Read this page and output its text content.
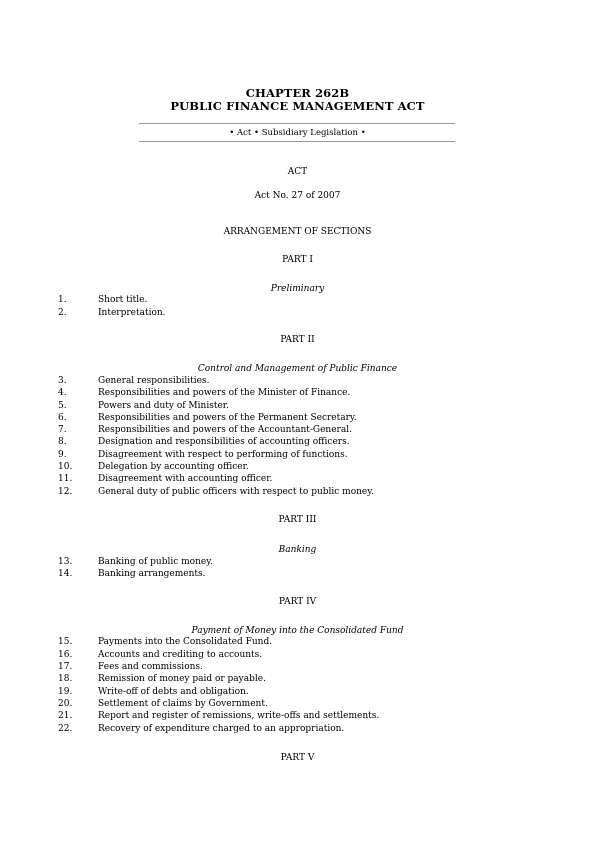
CHAPTER 262B
PUBLIC FINANCE MANAGEMENT ACT
• Act • Subsidiary Legislation •
ACT
Act No. 27 of 2007
ARRANGEMENT OF SECTIONS
PART I
Preliminary
1.	Short title.
2.	Interpretation.
PART II
Control and Management of Public Finance
3.	General responsibilities.
4.	Responsibilities and powers of the Minister of Finance.
5.	Powers and duty of Minister.
6.	Responsibilities and powers of the Permanent Secretary.
7.	Responsibilities and powers of the Accountant-General.
8.	Designation and responsibilities of accounting officers.
9.	Disagreement with respect to performing of functions.
10.	Delegation by accounting officer.
11.	Disagreement with accounting officer.
12.	General duty of public officers with respect to public money.
PART III
Banking
13.	Banking of public money.
14.	Banking arrangements.
PART IV
Payment of Money into the Consolidated Fund
15.	Payments into the Consolidated Fund.
16.	Accounts and crediting to accounts.
17.	Fees and commissions.
18.	Remission of money paid or payable.
19.	Write-off of debts and obligation.
20.	Settlement of claims by Government.
21.	Report and register of remissions, write-offs and settlements.
22.	Recovery of expenditure charged to an appropriation.
PART V
